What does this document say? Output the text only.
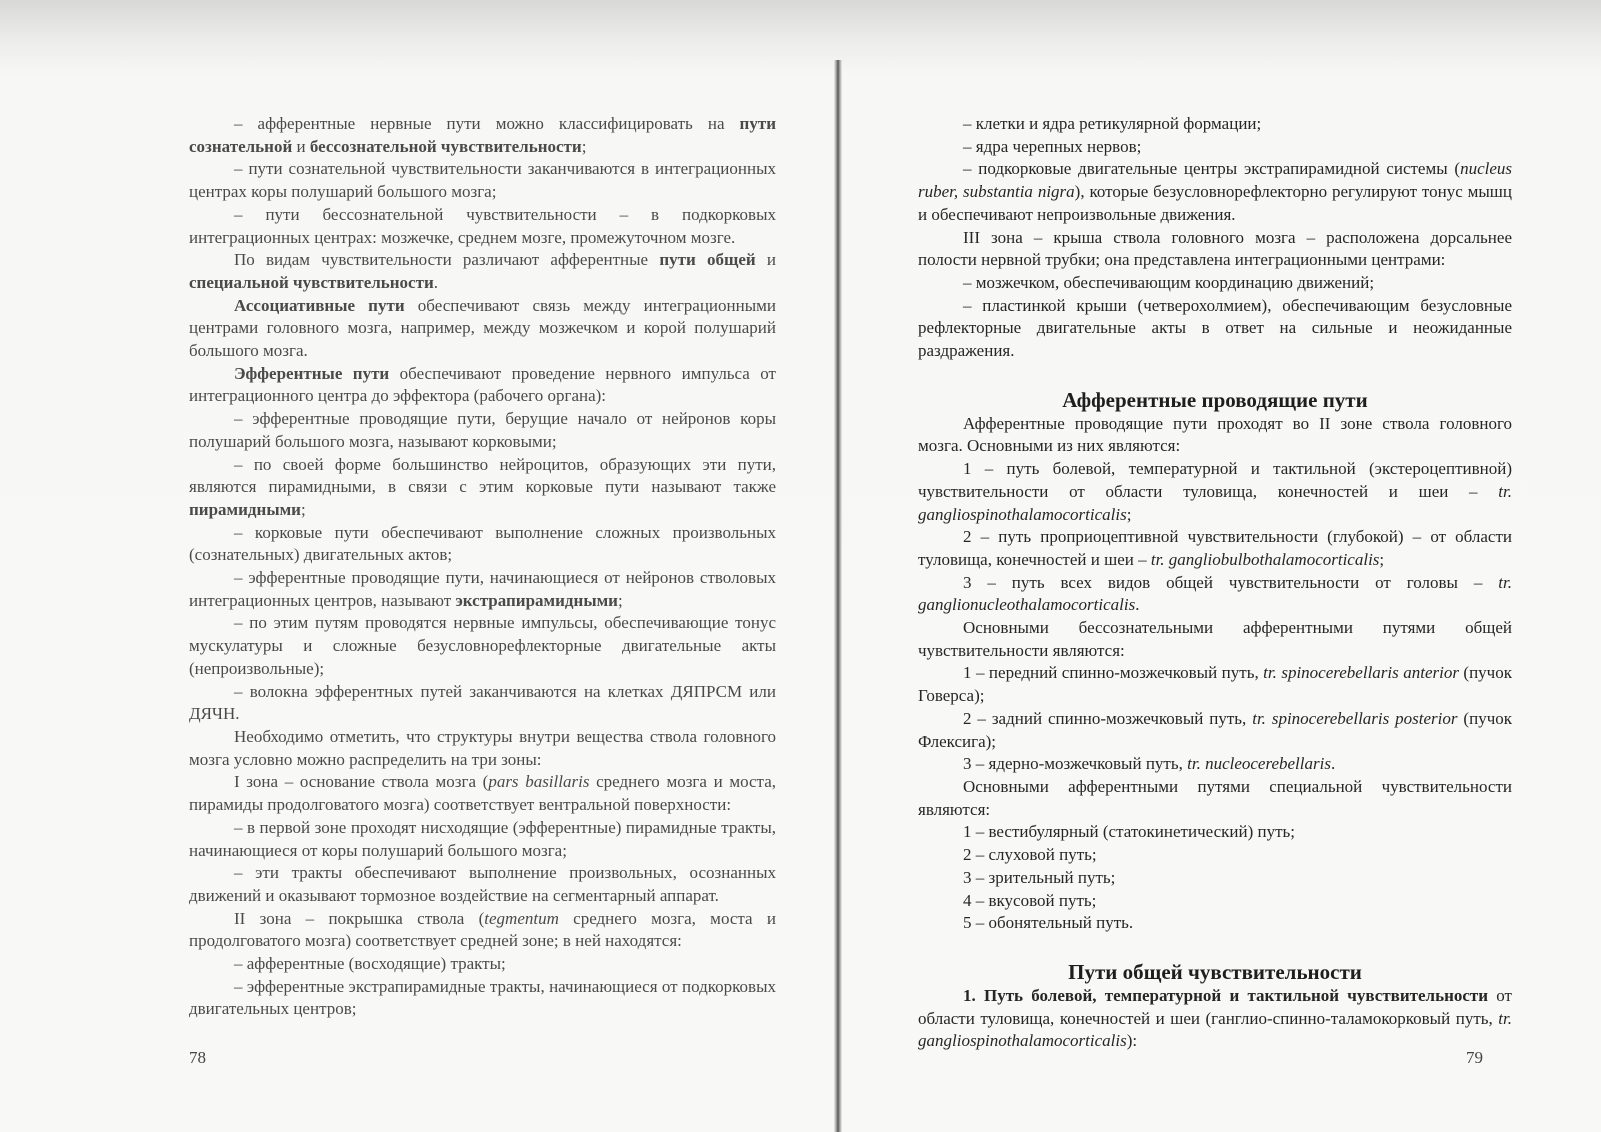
– афферентные нервные пути можно классифицировать на пути сознательной и бессознательной чувствительности;

– пути сознательной чувствительности заканчиваются в интеграционных центрах коры полушарий большого мозга;

– пути бессознательной чувствительности – в подкорковых интеграционных центрах: мозжечке, среднем мозге, промежуточном мозге.

По видам чувствительности различают афферентные пути общей и специальной чувствительности.

Ассоциативные пути обеспечивают связь между интеграционными центрами головного мозга, например, между мозжечком и корой полушарий большого мозга.

Эфферентные пути обеспечивают проведение нервного импульса от интеграционного центра до эффектора (рабочего органа):

– эфферентные проводящие пути, берущие начало от нейронов коры полушарий большого мозга, называют корковыми;

– по своей форме большинство нейроцитов, образующих эти пути, являются пирамидными, в связи с этим корковые пути называют также пирамидными;

– корковые пути обеспечивают выполнение сложных произвольных (сознательных) двигательных актов;

– эфферентные проводящие пути, начинающиеся от нейронов стволовых интеграционных центров, называют экстрапирамидными;

– по этим путям проводятся нервные импульсы, обеспечивающие тонус мускулатуры и сложные безусловнорефлекторные двигательные акты (непроизвольные);

– волокна эфферентных путей заканчиваются на клетках ДЯПРСМ или ДЯЧН.

Необходимо отметить, что структуры внутри вещества ствола головного мозга условно можно распределить на три зоны:

I зона – основание ствола мозга (pars basillaris среднего мозга и моста, пирамиды продолговатого мозга) соответствует вентральной поверхности:

– в первой зоне проходят нисходящие (эфферентные) пирамидные тракты, начинающиеся от коры полушарий большого мозга;

– эти тракты обеспечивают выполнение произвольных, осознанных движений и оказывают тормозное воздействие на сегментарный аппарат.

II зона – покрышка ствола (tegmentum среднего мозга, моста и продолговатого мозга) соответствует средней зоне; в ней находятся:

– афферентные (восходящие) тракты;

– эфферентные экстрапирамидные тракты, начинающиеся от подкорковых двигательных центров;

78

– клетки и ядра ретикулярной формации;

– ядра черепных нервов;

– подкорковые двигательные центры экстрапирамидной системы (nucleus ruber, substantia nigra), которые безусловнорефлекторно регулируют тонус мышц и обеспечивают непроизвольные движения.

III зона – крыша ствола головного мозга – расположена дорсальнее полости нервной трубки; она представлена интеграционными центрами:

– мозжечком, обеспечивающим координацию движений;

– пластинкой крыши (четверохолмием), обеспечивающим безусловные рефлекторные двигательные акты в ответ на сильные и неожиданные раздражения.

Афферентные проводящие пути

Афферентные проводящие пути проходят во II зоне ствола головного мозга. Основными из них являются:

1 – путь болевой, температурной и тактильной (экстероцептивной) чувствительности от области туловища, конечностей и шеи – tr. gangliospinothalamocorticalis;

2 – путь проприоцептивной чувствительности (глубокой) – от области туловища, конечностей и шеи – tr. gangliobulbothalamocorticalis;

3 – путь всех видов общей чувствительности от головы – tr. ganglionucleothalamocorticalis.

Основными бессознательными афферентными путями общей чувствительности являются:

1 – передний спинно-мозжечковый путь, tr. spinocerebellaris anterior (пучок Говерса);

2 – задний спинно-мозжечковый путь, tr. spinocerebellaris posterior (пучок Флексига);

3 – ядерно-мозжечковый путь, tr. nucleocerebellaris.

Основными афферентными путями специальной чувствительности являются:

1 – вестибулярный (статокинетический) путь;

2 – слуховой путь;

3 – зрительный путь;

4 – вкусовой путь;

5 – обонятельный путь.

Пути общей чувствительности

1. Путь болевой, температурной и тактильной чувствительности от области туловища, конечностей и шеи (ганглио-спинно-таламокорковый путь, tr. gangliospinothalamocorticalis):

79
